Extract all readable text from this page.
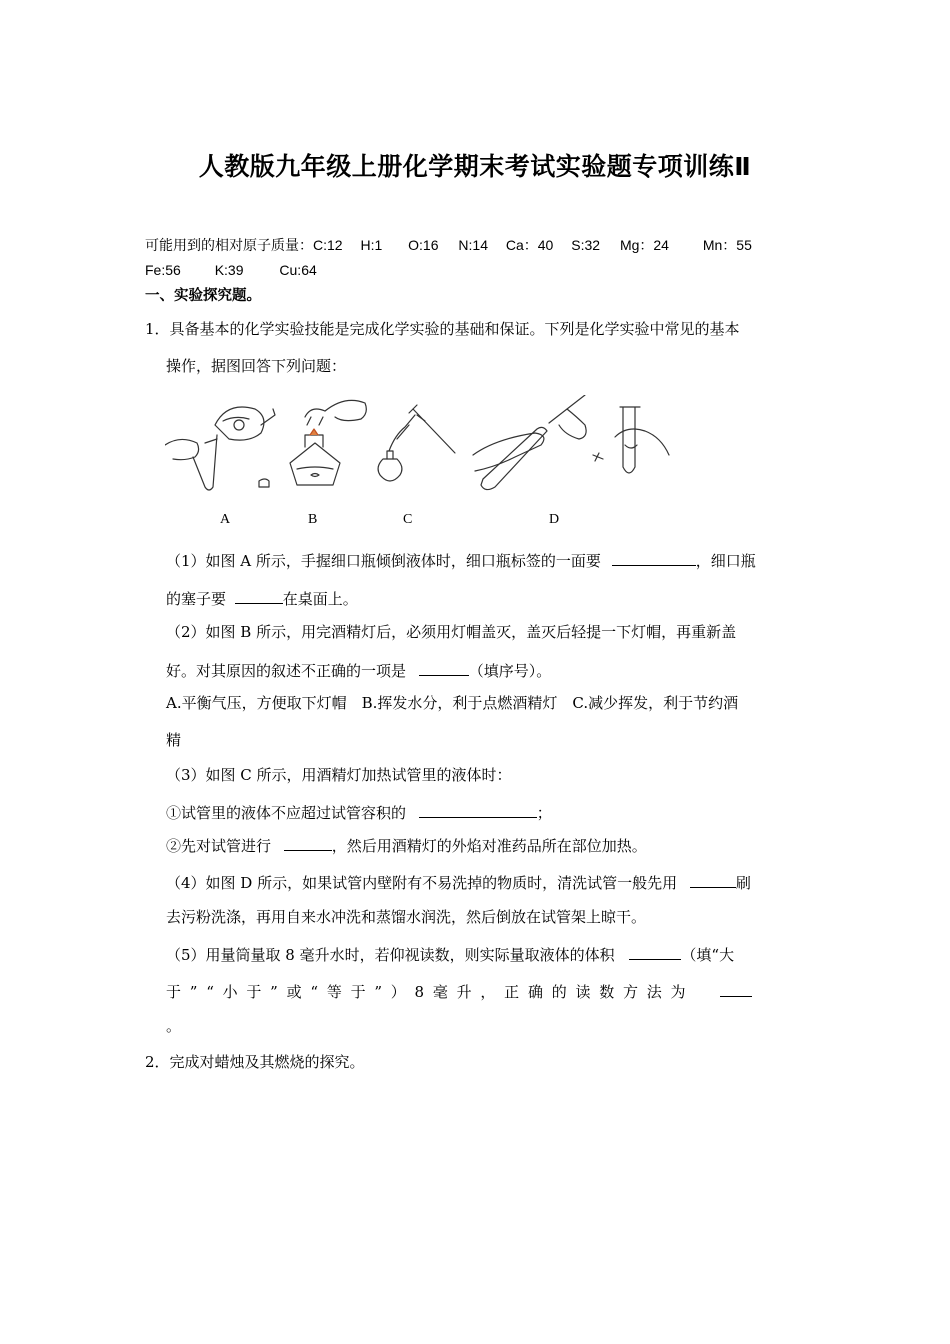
人教版九年级上册化学期末考试实验题专项训练Ⅱ
可能用到的相对原子质量：C:12 H:1 O:16 N:14 Ca：40 S:32 Mg：24 Mn：55
Fe:56 K:39	Cu:64
一、实验探究题。
1．具备基本的化学实验技能是完成化学实验的基础和保证。下列是化学实验中常见的基本
操作，据图回答下列问题：
A	B	C	D
（1）如图 A 所示，手握细口瓶倾倒液体时，细口瓶标签的一面要	，细口瓶
的塞子要	在桌面上。
（2）如图 B 所示，用完酒精灯后，必须用灯帽盖灭，盖灭后轻提一下灯帽，再重新盖
好。对其原因的叙述不正确的一项是	（填序号）。
A.平衡气压，方便取下灯帽　B.挥发水分，利于点燃酒精灯　C.减少挥发，利于节约酒
精
（3）如图 C 所示，用酒精灯加热试管里的液体时：
①试管里的液体不应超过试管容积的	；
②先对试管进行	，然后用酒精灯的外焰对准药品所在部位加热。
（4）如图 D 所示，如果试管内壁附有不易洗掉的物质时，清洗试管一般先用	刷
去污粉洗涤，再用自来水冲洗和蒸馏水润洗，然后倒放在试管架上晾干。
（5）用量筒量取 8 毫升水时，若仰视读数，则实际量取液体的体积	（填“大
于 ” “ 小 于 ” 或 “ 等 于 ” ） 8 毫 升 ， 正 确 的 读 数 方 法 为
。
2．完成对蜡烛及其燃烧的探究。
